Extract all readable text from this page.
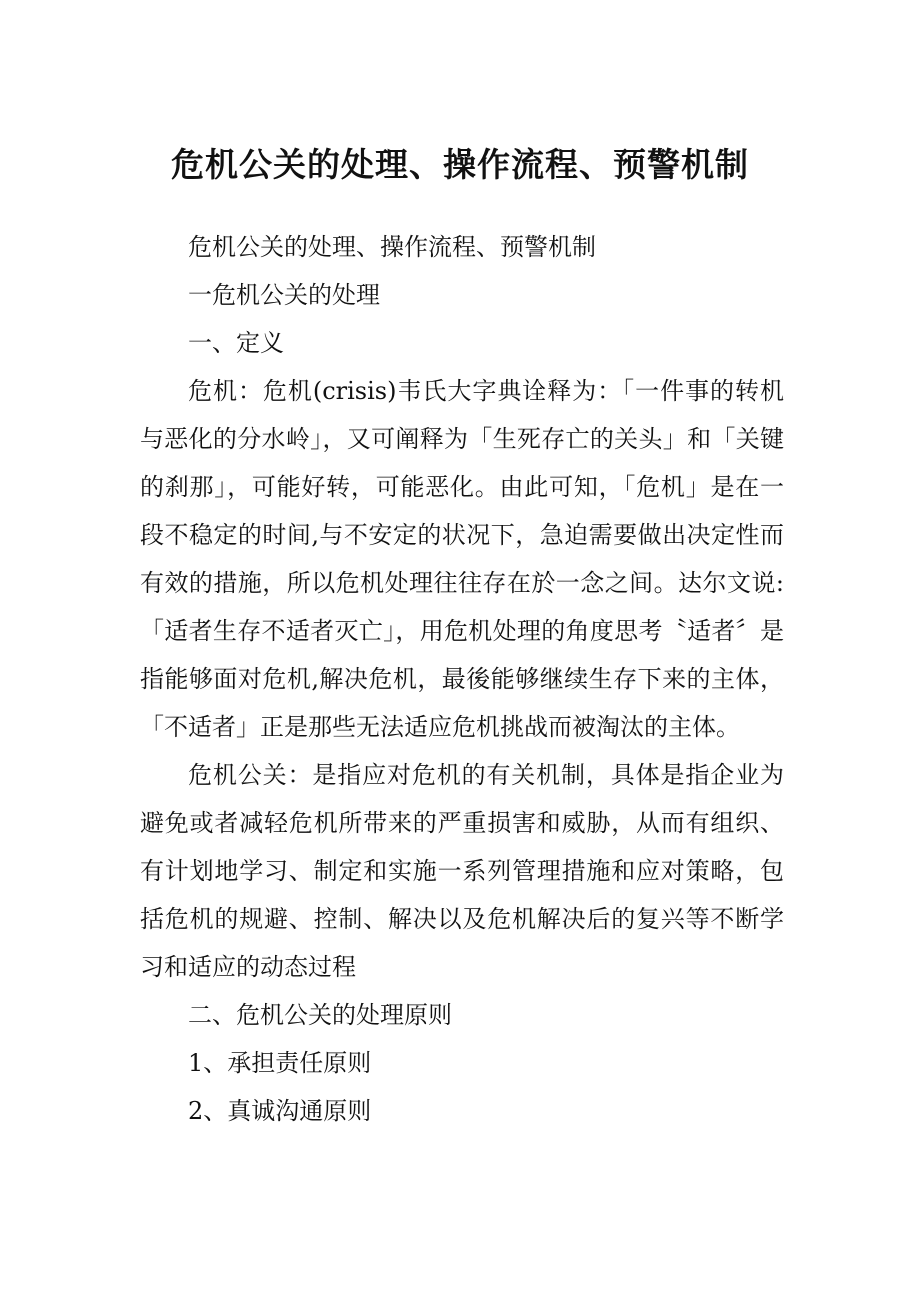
危机公关的处理、操作流程、预警机制

危机公关的处理、操作流程、预警机制

一危机公关的处理

一、定义

危机：危机(crisis)韦氏大字典诠释为：「一件事的转机与恶化的分水岭」，又可阐释为「生死存亡的关头」和「关键的刹那」，可能好转，可能恶化。由此可知，「危机」是在一段不稳定的时间,与不安定的状况下，急迫需要做出决定性而有效的措施，所以危机处理往往存在於一念之间。达尔文说:「适者生存不适者灭亡」，用危机处理的角度思考〝适者〞是指能够面对危机,解决危机，最後能够继续生存下来的主体，「不适者」正是那些无法适应危机挑战而被淘汰的主体。

危机公关：是指应对危机的有关机制，具体是指企业为避免或者减轻危机所带来的严重损害和威胁，从而有组织、有计划地学习、制定和实施一系列管理措施和应对策略，包括危机的规避、控制、解决以及危机解决后的复兴等不断学习和适应的动态过程

二、危机公关的处理原则

1、承担责任原则

2、真诚沟通原则
